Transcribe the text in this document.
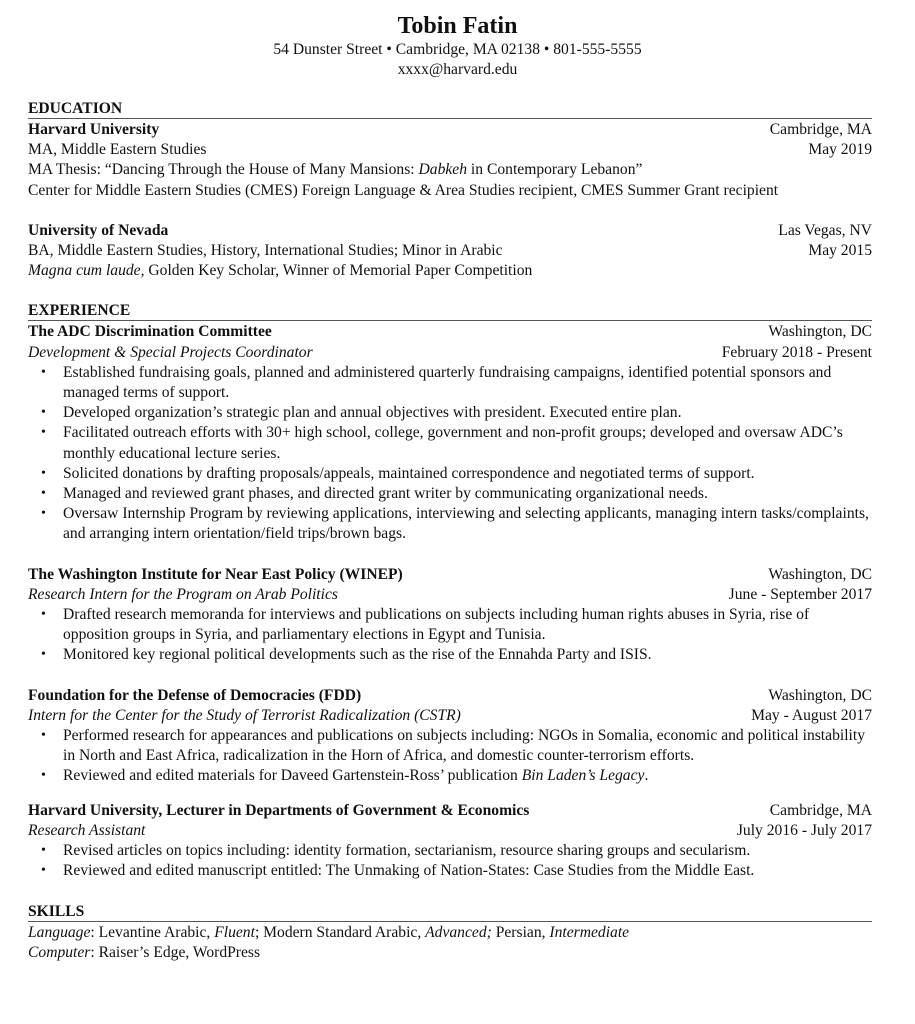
Tobin Fatin
54 Dunster Street • Cambridge, MA 02138 • 801-555-5555
xxxx@harvard.edu
EDUCATION
Harvard University	Cambridge, MA
MA, Middle Eastern Studies	May 2019
MA Thesis: “Dancing Through the House of Many Mansions: Dabkeh in Contemporary Lebanon”
Center for Middle Eastern Studies (CMES) Foreign Language & Area Studies recipient, CMES Summer Grant recipient
University of Nevada	Las Vegas, NV
BA, Middle Eastern Studies, History, International Studies; Minor in Arabic	May 2015
Magna cum laude, Golden Key Scholar, Winner of Memorial Paper Competition
EXPERIENCE
The ADC Discrimination Committee	Washington, DC
Development & Special Projects Coordinator	February 2018 - Present
• Established fundraising goals, planned and administered quarterly fundraising campaigns, identified potential sponsors and managed terms of support.
• Developed organization’s strategic plan and annual objectives with president. Executed entire plan.
• Facilitated outreach efforts with 30+ high school, college, government and non-profit groups; developed and oversaw ADC’s monthly educational lecture series.
• Solicited donations by drafting proposals/appeals, maintained correspondence and negotiated terms of support.
• Managed and reviewed grant phases, and directed grant writer by communicating organizational needs.
• Oversaw Internship Program by reviewing applications, interviewing and selecting applicants, managing intern tasks/complaints, and arranging intern orientation/field trips/brown bags.
The Washington Institute for Near East Policy (WINEP)	Washington, DC
Research Intern for the Program on Arab Politics	June - September 2017
• Drafted research memoranda for interviews and publications on subjects including human rights abuses in Syria, rise of opposition groups in Syria, and parliamentary elections in Egypt and Tunisia.
• Monitored key regional political developments such as the rise of the Ennahda Party and ISIS.
Foundation for the Defense of Democracies (FDD)	Washington, DC
Intern for the Center for the Study of Terrorist Radicalization (CSTR)	May - August 2017
• Performed research for appearances and publications on subjects including: NGOs in Somalia, economic and political instability in North and East Africa, radicalization in the Horn of Africa, and domestic counter-terrorism efforts.
• Reviewed and edited materials for Daveed Gartenstein-Ross’ publication Bin Laden’s Legacy.
Harvard University, Lecturer in Departments of Government & Economics	Cambridge, MA
Research Assistant	July 2016 - July 2017
• Revised articles on topics including: identity formation, sectarianism, resource sharing groups and secularism.
• Reviewed and edited manuscript entitled: The Unmaking of Nation-States: Case Studies from the Middle East.
SKILLS
Language: Levantine Arabic, Fluent; Modern Standard Arabic, Advanced; Persian, Intermediate
Computer: Raiser’s Edge, WordPress
